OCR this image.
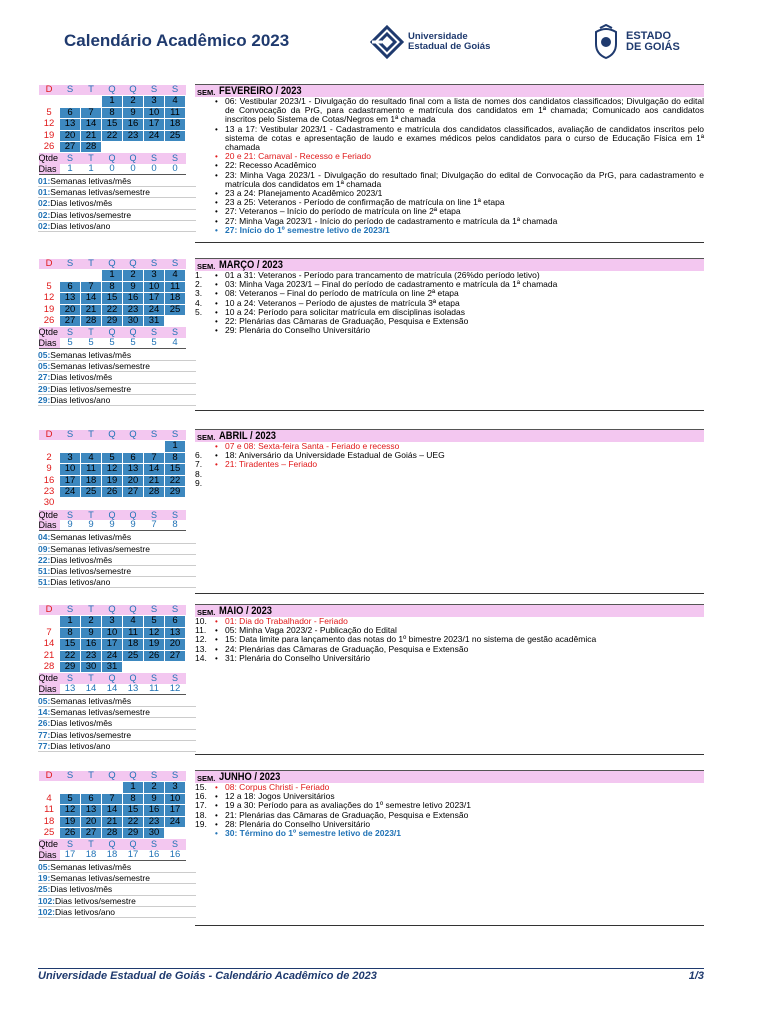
Calendário Acadêmico 2023	Universidade
Estadual de Goiás
ESTADO
DE GOIÁS
D	S	T	Q	Q	S	S
			1	2	3	4
5	6	7	8	9	10	11
12	13	14	15	16	17	18
19	20	21	22	23	24	25
26	27	28				
Qtde	S	T	Q	Q	S	S
Dias	1	1	0	0	0	0
01:Semanas letivas/mês
01:Semanas letivas/semestre
02:Dias letivos/mês
02:Dias letivos/semestre
02:Dias letivos/ano
SEM. FEVEREIRO / 2023
• 06: Vestibular 2023/1 - Divulgação do resultado final com a lista de nomes dos candidatos classificados; Divulgação do edital de Convocação da PrG, para cadastramento e matrícula dos candidatos em 1ª chamada; Comunicado aos candidatos inscritos pelo Sistema de Cotas/Negros em 1ª chamada
• 13 a 17: Vestibular 2023/1 - Cadastramento e matrícula dos candidatos classificados, avaliação de candidatos inscritos pelo sistema de cotas e apresentação de laudo e exames médicos pelos candidatos para o curso de Educação Física em 1ª chamada
• 20 e 21: Carnaval - Recesso e Feriado
• 22: Recesso Acadêmico
• 23: Minha Vaga 2023/1 - Divulgação do resultado final; Divulgação do edital de Convocação da PrG, para cadastramento e matrícula dos candidatos em 1ª chamada
• 23 a 24: Planejamento Acadêmico 2023/1
• 23 a 25: Veteranos - Período de confirmação de matrícula on line 1ª etapa
• 27: Veteranos – Início do período de matrícula on line 2ª etapa
• 27: Minha Vaga 2023/1 - Início do período de cadastramento e matrícula da 1ª chamada
• 27: Início do 1º semestre letivo de 2023/1
D	S	T	Q	Q	S	S
			1	2	3	4
5	6	7	8	9	10	11
12	13	14	15	16	17	18
19	20	21	22	23	24	25
26	27	28	29	30	31	
Qtde	S	T	Q	Q	S	S
Dias	5	5	5	5	5	4
05:Semanas letivas/mês
05:Semanas letivas/semestre
27:Dias letivos/mês
29:Dias letivos/semestre
29:Dias letivos/ano
SEM. MARÇO / 2023
1.	• 01 a 31: Veteranos - Período para trancamento de matrícula (26%do período letivo)
2.	• 03: Minha Vaga 2023/1 – Final do período de cadastramento e matrícula da 1ª chamada
3.	• 08: Veteranos – Final do período de matrícula on line 2ª etapa
4.	• 10 a 24: Veteranos – Período de ajustes de matrícula 3ª etapa
5.	• 10 a 24: Período para solicitar matrícula em disciplinas isoladas
• 22: Plenárias das Câmaras de Graduação, Pesquisa e Extensão
• 29: Plenária do Conselho Universitário
D	S	T	Q	Q	S	S
						1
2	3	4	5	6	7	8
9	10	11	12	13	14	15
16	17	18	19	20	21	22
23	24	25	26	27	28	29
30						
Qtde	S	T	Q	Q	S	S
Dias	9	9	9	9	7	8
04:Semanas letivas/mês
09:Semanas letivas/semestre
22:Dias letivos/mês
51:Dias letivos/semestre
51:Dias letivos/ano
SEM. ABRIL / 2023
• 07 e 08: Sexta-feira Santa - Feriado e recesso
6.	• 18: Aniversário da Universidade Estadual de Goiás – UEG
7.	• 21: Tiradentes – Feriado
8.
9.
D	S	T	Q	Q	S	S
	1	2	3	4	5	6
7	8	9	10	11	12	13
14	15	16	17	18	19	20
21	22	23	24	25	26	27
28	29	30	31			
Qtde	S	T	Q	Q	S	S
Dias	13	14	14	13	11	12
05:Semanas letivas/mês
14:Semanas letivas/semestre
26:Dias letivos/mês
77:Dias letivos/semestre
77:Dias letivos/ano
SEM. MAIO / 2023
10.	• 01: Dia do Trabalhador - Feriado
11.	• 05: Minha Vaga 2023/2 - Publicação do Edital
12.	• 15: Data limite para lançamento das notas do 1º bimestre 2023/1 no sistema de gestão acadêmica
13.	• 24: Plenárias das Câmaras de Graduação, Pesquisa e Extensão
14.	• 31: Plenária do Conselho Universitário
D	S	T	Q	Q	S	S
				1	2	3
4	5	6	7	8	9	10
11	12	13	14	15	16	17
18	19	20	21	22	23	24
25	26	27	28	29	30	
Qtde	S	T	Q	Q	S	S
Dias	17	18	18	17	16	16
05:Semanas letivas/mês
19:Semanas letivas/semestre
25:Dias letivos/mês
102:Dias letivos/semestre
102:Dias letivos/ano
SEM. JUNHO / 2023
15.	• 08: Corpus Christi - Feriado
16.	• 12 a 18: Jogos Universitários
17.	• 19 a 30: Período para as avaliações do 1º semestre letivo 2023/1
18.	• 21: Plenárias das Câmaras de Graduação, Pesquisa e Extensão
19.	• 28: Plenária do Conselho Universitário
• 30: Término do 1º semestre letivo de 2023/1
Universidade Estadual de Goiás - Calendário Acadêmico de 2023	1/3
